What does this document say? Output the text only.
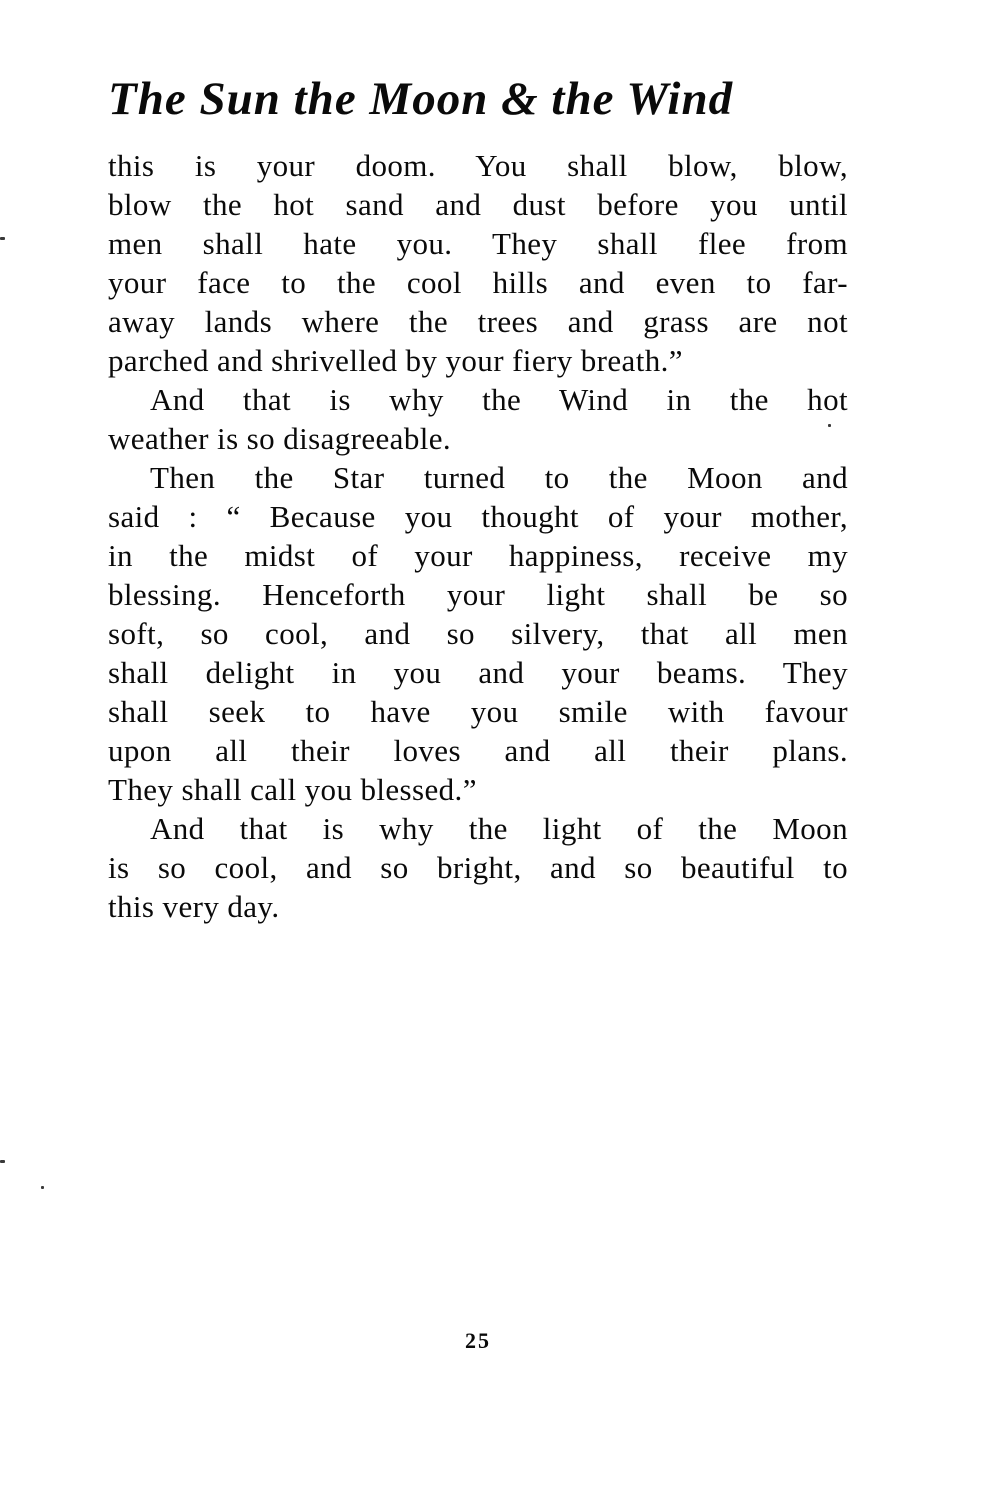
The Sun the Moon & the Wind
this is your doom. You shall blow, blow,
blow the hot sand and dust before you until
men shall hate you. They shall flee from
your face to the cool hills and even to far-
away lands where the trees and grass are not
parched and shrivelled by your fiery breath.”
And that is why the Wind in the hot
weather is so disagreeable.
Then the Star turned to the Moon and
said : “ Because you thought of your mother,
in the midst of your happiness, receive my
blessing. Henceforth your light shall be so
soft, so cool, and so silvery, that all men
shall delight in you and your beams. They
shall seek to have you smile with favour
upon all their loves and all their plans.
They shall call you blessed.”
And that is why the light of the Moon
is so cool, and so bright, and so beautiful to
this very day.
25
